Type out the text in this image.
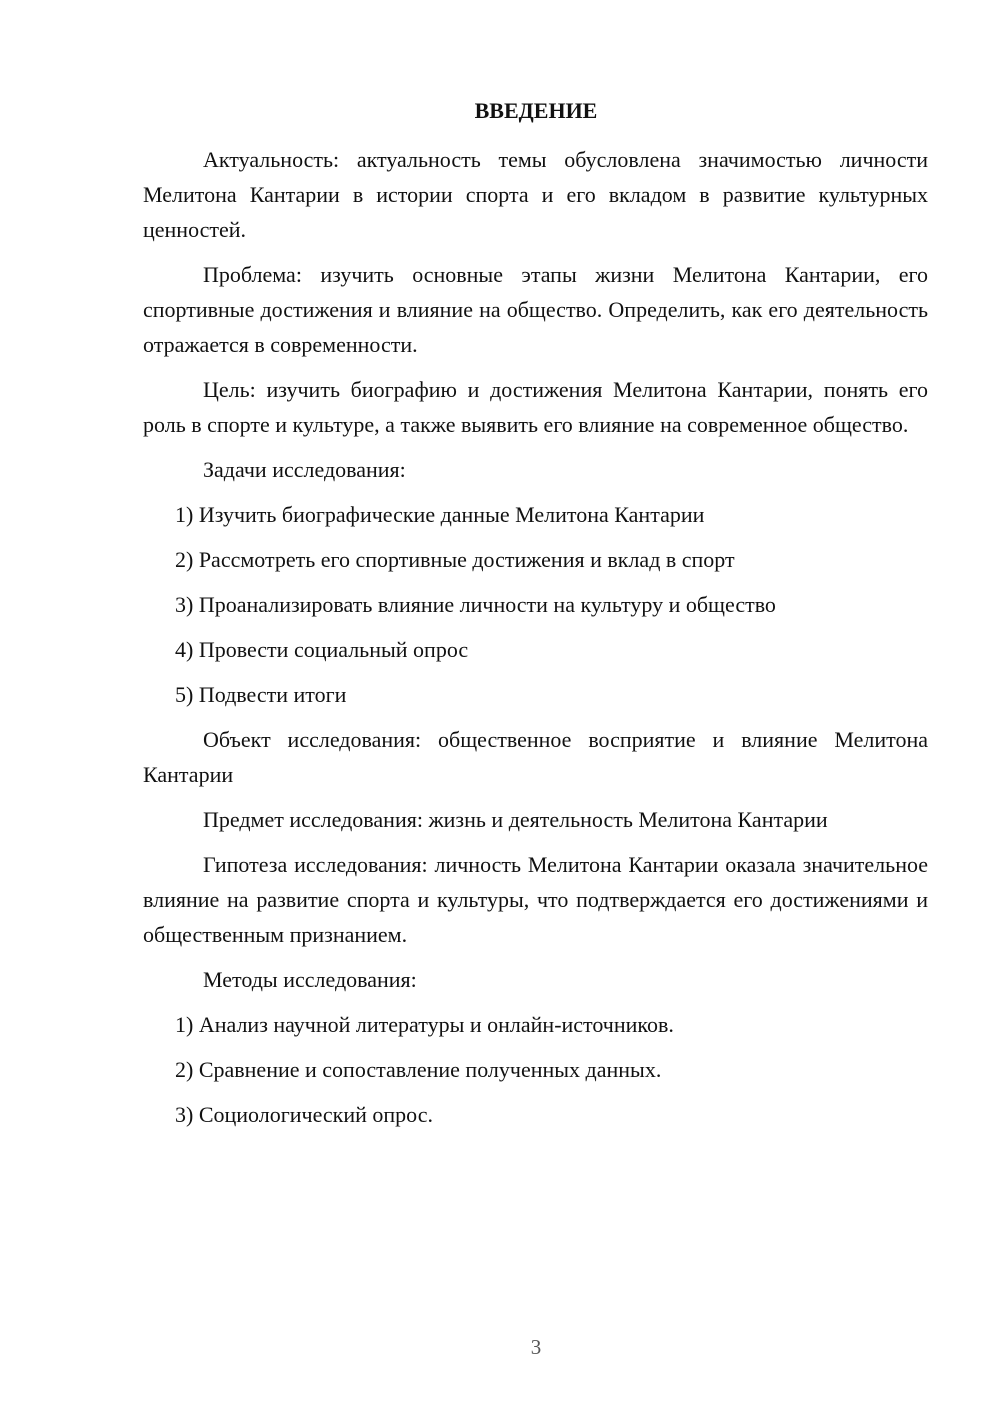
ВВЕДЕНИЕ

Актуальность: актуальность темы обусловлена значимостью личности Мелитона Кантарии в истории спорта и его вкладом в развитие культурных ценностей.

Проблема: изучить основные этапы жизни Мелитона Кантарии, его спортивные достижения и влияние на общество. Определить, как его деятельность отражается в современности.

Цель: изучить биографию и достижения Мелитона Кантарии, понять его роль в спорте и культуре, а также выявить его влияние на современное общество.

Задачи исследования:

1) Изучить биографические данные Мелитона Кантарии
2) Рассмотреть его спортивные достижения и вклад в спорт
3) Проанализировать влияние личности на культуру и общество
4) Провести социальный опрос
5) Подвести итоги

Объект исследования: общественное восприятие и влияние Мелитона Кантарии

Предмет исследования: жизнь и деятельность Мелитона Кантарии

Гипотеза исследования: личность Мелитона Кантарии оказала значительное влияние на развитие спорта и культуры, что подтверждается его достижениями и общественным признанием.

Методы исследования:

1) Анализ научной литературы и онлайн-источников.
2) Сравнение и сопоставление полученных данных.
3) Социологический опрос.
3
